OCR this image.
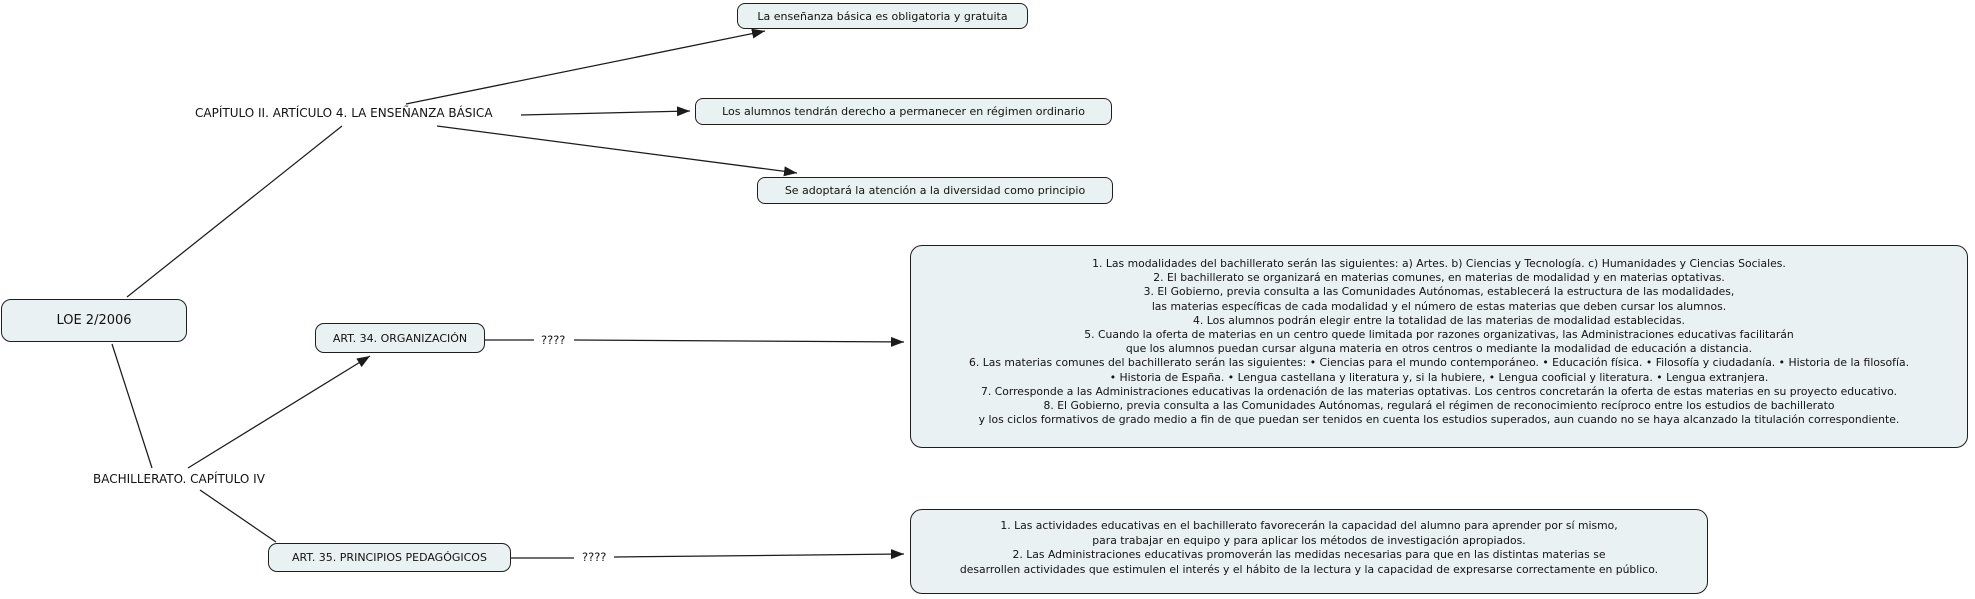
LOE 2/2006
CAPÍTULO II. ARTÍCULO 4. LA ENSEÑANZA BÁSICA
La enseñanza básica es obligatoria y gratuita
Los alumnos tendrán derecho a permanecer en régimen ordinario
Se adoptará la atención a la diversidad como principio
BACHILLERATO. CAPÍTULO IV
ART. 34. ORGANIZACIÓN	????
1. Las modalidades del bachillerato serán las siguientes: a) Artes. b) Ciencias y Tecnología. c) Humanidades y Ciencias Sociales.
2. El bachillerato se organizará en materias comunes, en materias de modalidad y en materias optativas.
3. El Gobierno, previa consulta a las Comunidades Autónomas, establecerá la estructura de las modalidades,
las materias específicas de cada modalidad y el número de estas materias que deben cursar los alumnos.
4. Los alumnos podrán elegir entre la totalidad de las materias de modalidad establecidas.
5. Cuando la oferta de materias en un centro quede limitada por razones organizativas, las Administraciones educativas facilitarán
que los alumnos puedan cursar alguna materia en otros centros o mediante la modalidad de educación a distancia.
6. Las materias comunes del bachillerato serán las siguientes: • Ciencias para el mundo contemporáneo. • Educación física. • Filosofía y ciudadanía. • Historia de la filosofía.
• Historia de España. • Lengua castellana y literatura y, si la hubiere, • Lengua cooficial y literatura. • Lengua extranjera.
7. Corresponde a las Administraciones educativas la ordenación de las materias optativas. Los centros concretarán la oferta de estas materias en su proyecto educativo.
8. El Gobierno, previa consulta a las Comunidades Autónomas, regulará el régimen de reconocimiento recíproco entre los estudios de bachillerato
y los ciclos formativos de grado medio a fin de que puedan ser tenidos en cuenta los estudios superados, aun cuando no se haya alcanzado la titulación correspondiente.
ART. 35. PRINCIPIOS PEDAGÓGICOS	????
1. Las actividades educativas en el bachillerato favorecerán la capacidad del alumno para aprender por sí mismo,
para trabajar en equipo y para aplicar los métodos de investigación apropiados.
2. Las Administraciones educativas promoverán las medidas necesarias para que en las distintas materias se
desarrollen actividades que estimulen el interés y el hábito de la lectura y la capacidad de expresarse correctamente en público.
